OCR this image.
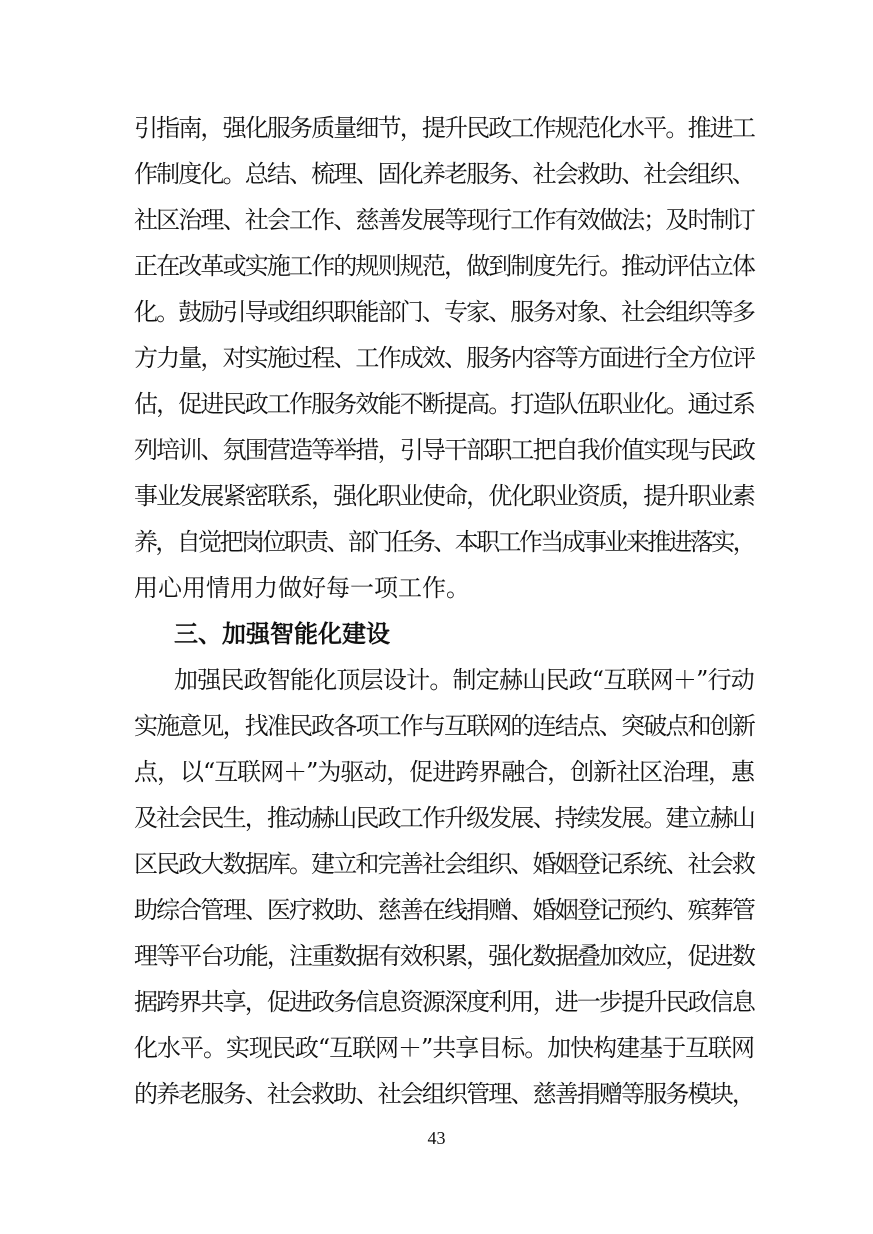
引指南，强化服务质量细节，提升民政工作规范化水平。推进工
作制度化。总结、梳理、固化养老服务、社会救助、社会组织、
社区治理、社会工作、慈善发展等现行工作有效做法；及时制订
正在改革或实施工作的规则规范，做到制度先行。推动评估立体
化。鼓励引导或组织职能部门、专家、服务对象、社会组织等多
方力量，对实施过程、工作成效、服务内容等方面进行全方位评
估，促进民政工作服务效能不断提高。打造队伍职业化。通过系
列培训、氛围营造等举措，引导干部职工把自我价值实现与民政
事业发展紧密联系，强化职业使命，优化职业资质，提升职业素
养，自觉把岗位职责、部门任务、本职工作当成事业来推进落实，
用心用情用力做好每一项工作。
三、加强智能化建设
加强民政智能化顶层设计。制定赫山民政“互联网＋”行动
实施意见，找准民政各项工作与互联网的连结点、突破点和创新
点，以“互联网＋”为驱动，促进跨界融合，创新社区治理，惠
及社会民生，推动赫山民政工作升级发展、持续发展。建立赫山
区民政大数据库。建立和完善社会组织、婚姻登记系统、社会救
助综合管理、医疗救助、慈善在线捐赠、婚姻登记预约、殡葬管
理等平台功能，注重数据有效积累，强化数据叠加效应，促进数
据跨界共享，促进政务信息资源深度利用，进一步提升民政信息
化水平。实现民政“互联网＋”共享目标。加快构建基于互联网
的养老服务、社会救助、社会组织管理、慈善捐赠等服务模块，
43
